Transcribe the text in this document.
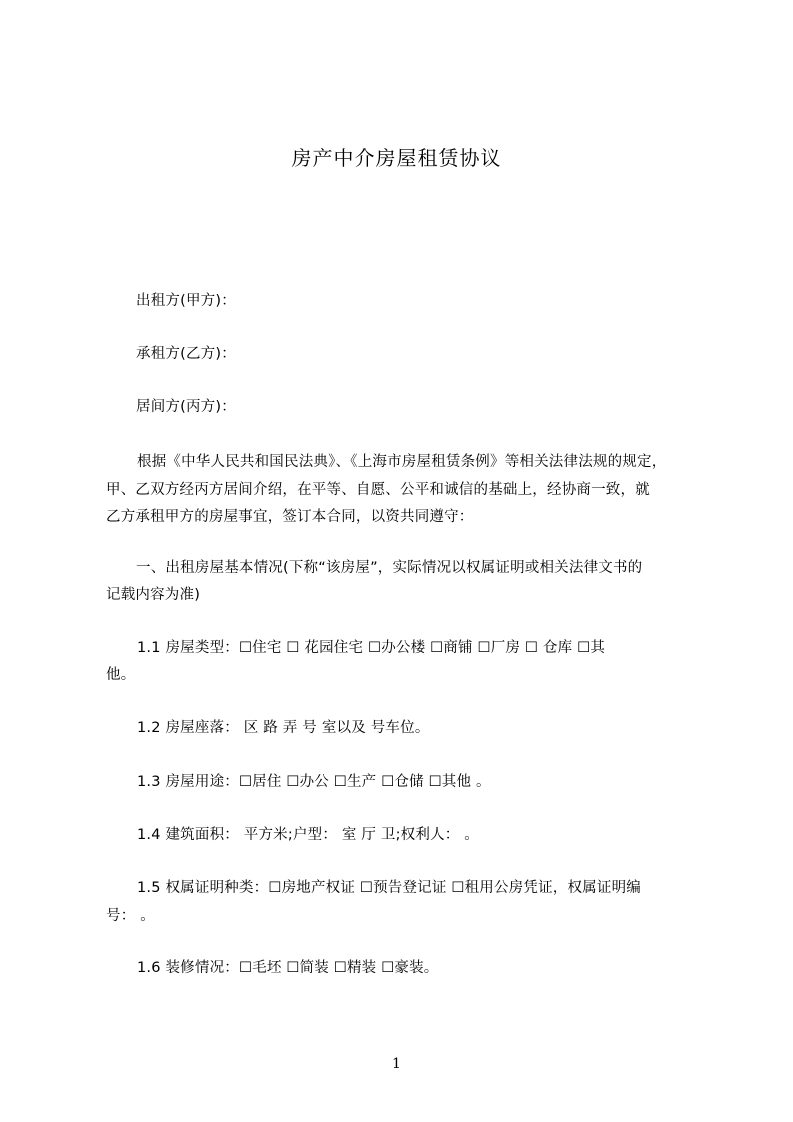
房产中介房屋租赁协议
出租方(甲方)：
承租方(乙方)：
居间方(丙方)：
根据《中华人民共和国民法典》、《上海市房屋租赁条例》等相关法律法规的规定，
甲、乙双方经丙方居间介绍，在平等、自愿、公平和诚信的基础上，经协商一致，就
乙方承租甲方的房屋事宜，签订本合同，以资共同遵守：
一、出租房屋基本情况(下称“该房屋”，实际情况以权属证明或相关法律文书的
记载内容为准)
1.1 房屋类型：☐住宅 ☐ 花园住宅 ☐办公楼 ☐商铺 ☐厂房 ☐ 仓库 ☐其
他。
1.2 房屋座落： 区 路 弄 号 室以及 号车位。
1.3 房屋用途：☐居住 ☐办公 ☐生产 ☐仓储 ☐其他 。
1.4 建筑面积： 平方米;户型： 室 厅 卫;权利人： 。
1.5 权属证明种类：☐房地产权证 ☐预告登记证 ☐租用公房凭证，权属证明编
号： 。
1.6 装修情况：☐毛坯 ☐简装 ☐精装 ☐豪装。
1
